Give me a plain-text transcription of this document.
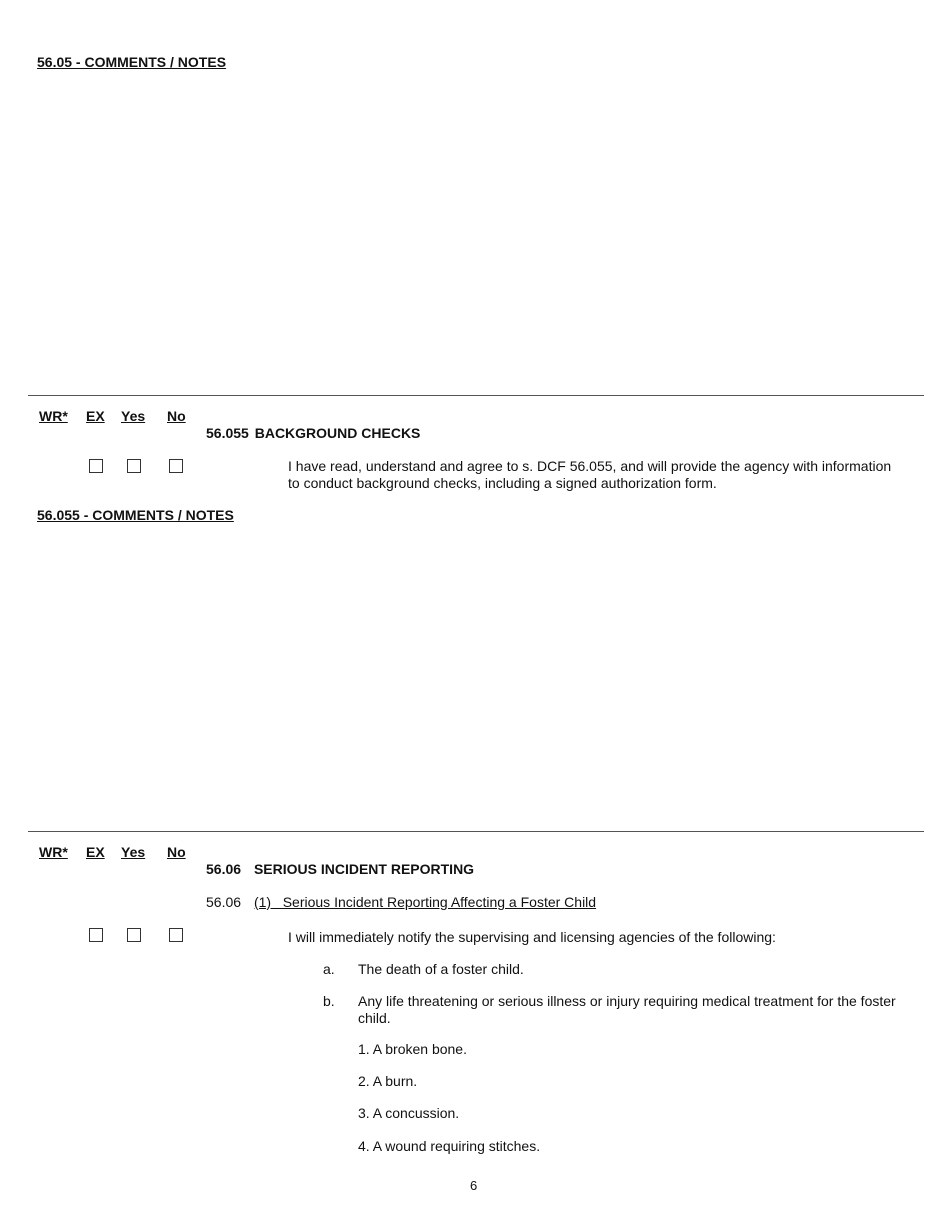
56.05 - COMMENTS / NOTES
WR* EX Yes No
56.055 BACKGROUND CHECKS
I have read, understand and agree to s. DCF 56.055, and will provide the agency with information to conduct background checks, including a signed authorization form.
56.055 - COMMENTS / NOTES
WR* EX Yes No
56.06 SERIOUS INCIDENT REPORTING
56.06 (1)   Serious Incident Reporting Affecting a Foster Child
I will immediately notify the supervising and licensing agencies of the following:
a. The death of a foster child.
b. Any life threatening or serious illness or injury requiring medical treatment for the foster child.
1. A broken bone.
2. A burn.
3. A concussion.
4. A wound requiring stitches.
6
